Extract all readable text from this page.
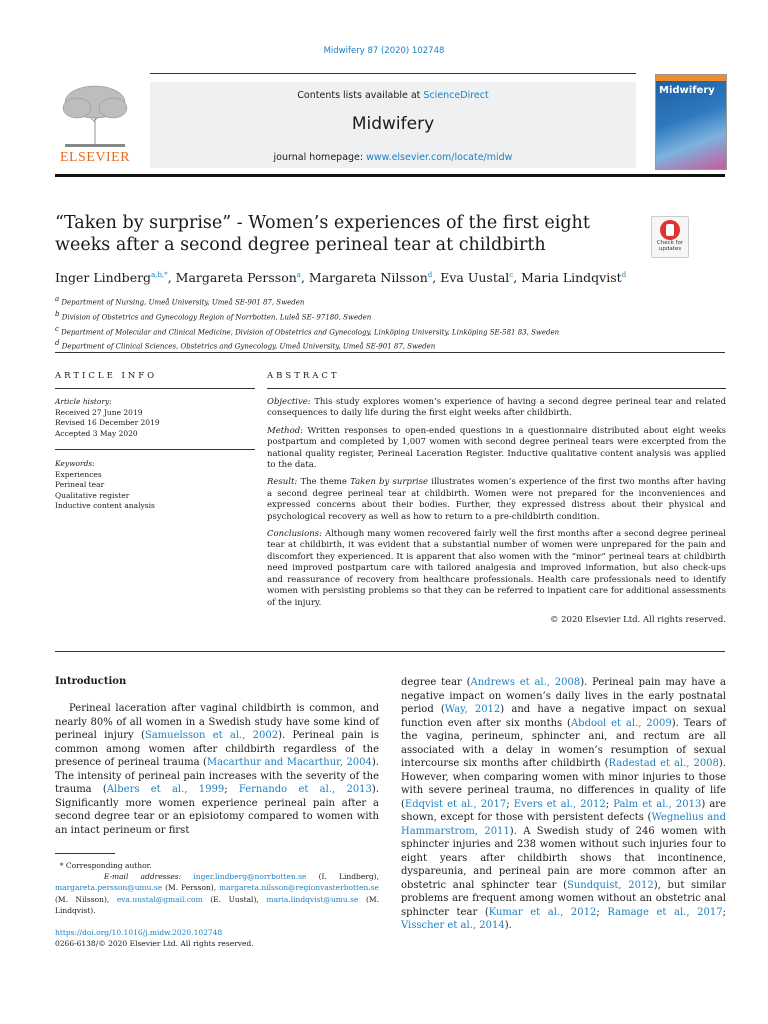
Midwifery 87 (2020) 102748
ELSEVIER
Contents lists available at ScienceDirect
Midwifery
journal homepage: www.elsevier.com/locate/midw
Midwifery
“Taken by surprise” - Women’s experiences of the first eight weeks after a second degree perineal tear at childbirth	Check for updates
Inger Lindberg$^{a,b,*}$, Margareta Persson$^a$, Margareta Nilsson$^d$, Eva Uustal$^c$, Maria Lindqvist$^d$
$^a$ Department of Nursing, Umeå University, Umeå SE-901 87, Sweden
$^b$ Division of Obstetrics and Gynecology Region of Norrbotten, Luleå SE- 97180, Sweden
$^c$ Department of Molecular and Clinical Medicine, Division of Obstetrics and Gynecology, Linköping University, Linköping SE-581 83, Sweden
$^d$ Department of Clinical Sciences, Obstetrics and Gynecology, Umeå University, Umeå SE-901 87, Sweden
ARTICLE INFO	ABSTRACT
Article history:
Received 27 June 2019
Revised 16 December 2019
Accepted 3 May 2020
Keywords:
Experiences
Perineal tear
Qualitative register
Inductive content analysis

Objective: This study explores women’s experience of having a second degree perineal tear and related consequences to daily life during the first eight weeks after childbirth.

Method: Written responses to open-ended questions in a questionnaire distributed about eight weeks postpartum and completed by 1,007 women with second degree perineal tears were excerpted from the national quality register, Perineal Laceration Register. Inductive qualitative content analysis was applied to the data.

Result: The theme Taken by surprise illustrates women’s experience of the first two months after having a second degree perineal tear at childbirth. Women were not prepared for the inconveniences and expressed concerns about their bodies. Further, they expressed distress about their physical and psychological recovery as well as how to return to a pre-childbirth condition.

Conclusions: Although many women recovered fairly well the first months after a second degree perineal tear at childbirth, it was evident that a substantial number of women were unprepared for the pain and discomfort they experienced. It is apparent that also women with the “minor” perineal tears at childbirth need improved postpartum care with tailored analgesia and improved information, but also check-ups and reassurance of recovery from healthcare professionals. Health care professionals need to identify women with persisting problems so that they can be referred to inpatient care for additional assessments of the injury.

© 2020 Elsevier Ltd. All rights reserved.
Introduction

Perineal laceration after vaginal childbirth is common, and nearly 80% of all women in a Swedish study have some kind of perineal injury (Samuelsson et al., 2002). Perineal pain is common among women after childbirth regardless of the presence of perineal trauma (Macarthur and Macarthur, 2004). The intensity of perineal pain increases with the severity of the trauma (Albers et al., 1999; Fernando et al., 2013). Significantly more women experience perineal pain after a second degree tear or an episiotomy compared to women with an intact perineum or first

degree tear (Andrews et al., 2008). Perineal pain may have a negative impact on women’s daily lives in the early postnatal period (Way, 2012) and have a negative impact on sexual function even after six months (Abdool et al., 2009). Tears of the vagina, perineum, sphincter ani, and rectum are all associated with a delay in women’s resumption of sexual intercourse six months after childbirth (Radestad et al., 2008). However, when comparing women with minor injuries to those with severe perineal trauma, no differences in quality of life (Edqvist et al., 2017; Evers et al., 2012; Palm et al., 2013) are shown, except for those with persistent defects (Wegnelius and Hammarstrom, 2011). A Swedish study of 246 women with sphincter injuries and 238 women without such injuries four to eight years after childbirth shows that incontinence, dyspareunia, and perineal pain are more common after an obstetric anal sphincter tear (Sundquist, 2012), but similar problems are frequent among women without an obstetric anal sphincter tear (Kumar et al., 2012; Ramage et al., 2017; Visscher et al., 2014).

* Corresponding author.
E-mail addresses: inger.lindberg@norrbotten.se (I. Lindberg), margareta.persson@umu.se (M. Persson), margareta.nilsson@regionvasterbotten.se (M. Nilsson), eva.uustal@gmail.com (E. Uustal), maria.lindqvist@umu.se (M. Lindqvist).
https://doi.org/10.1016/j.midw.2020.102748
0266-6138/© 2020 Elsevier Ltd. All rights reserved.
